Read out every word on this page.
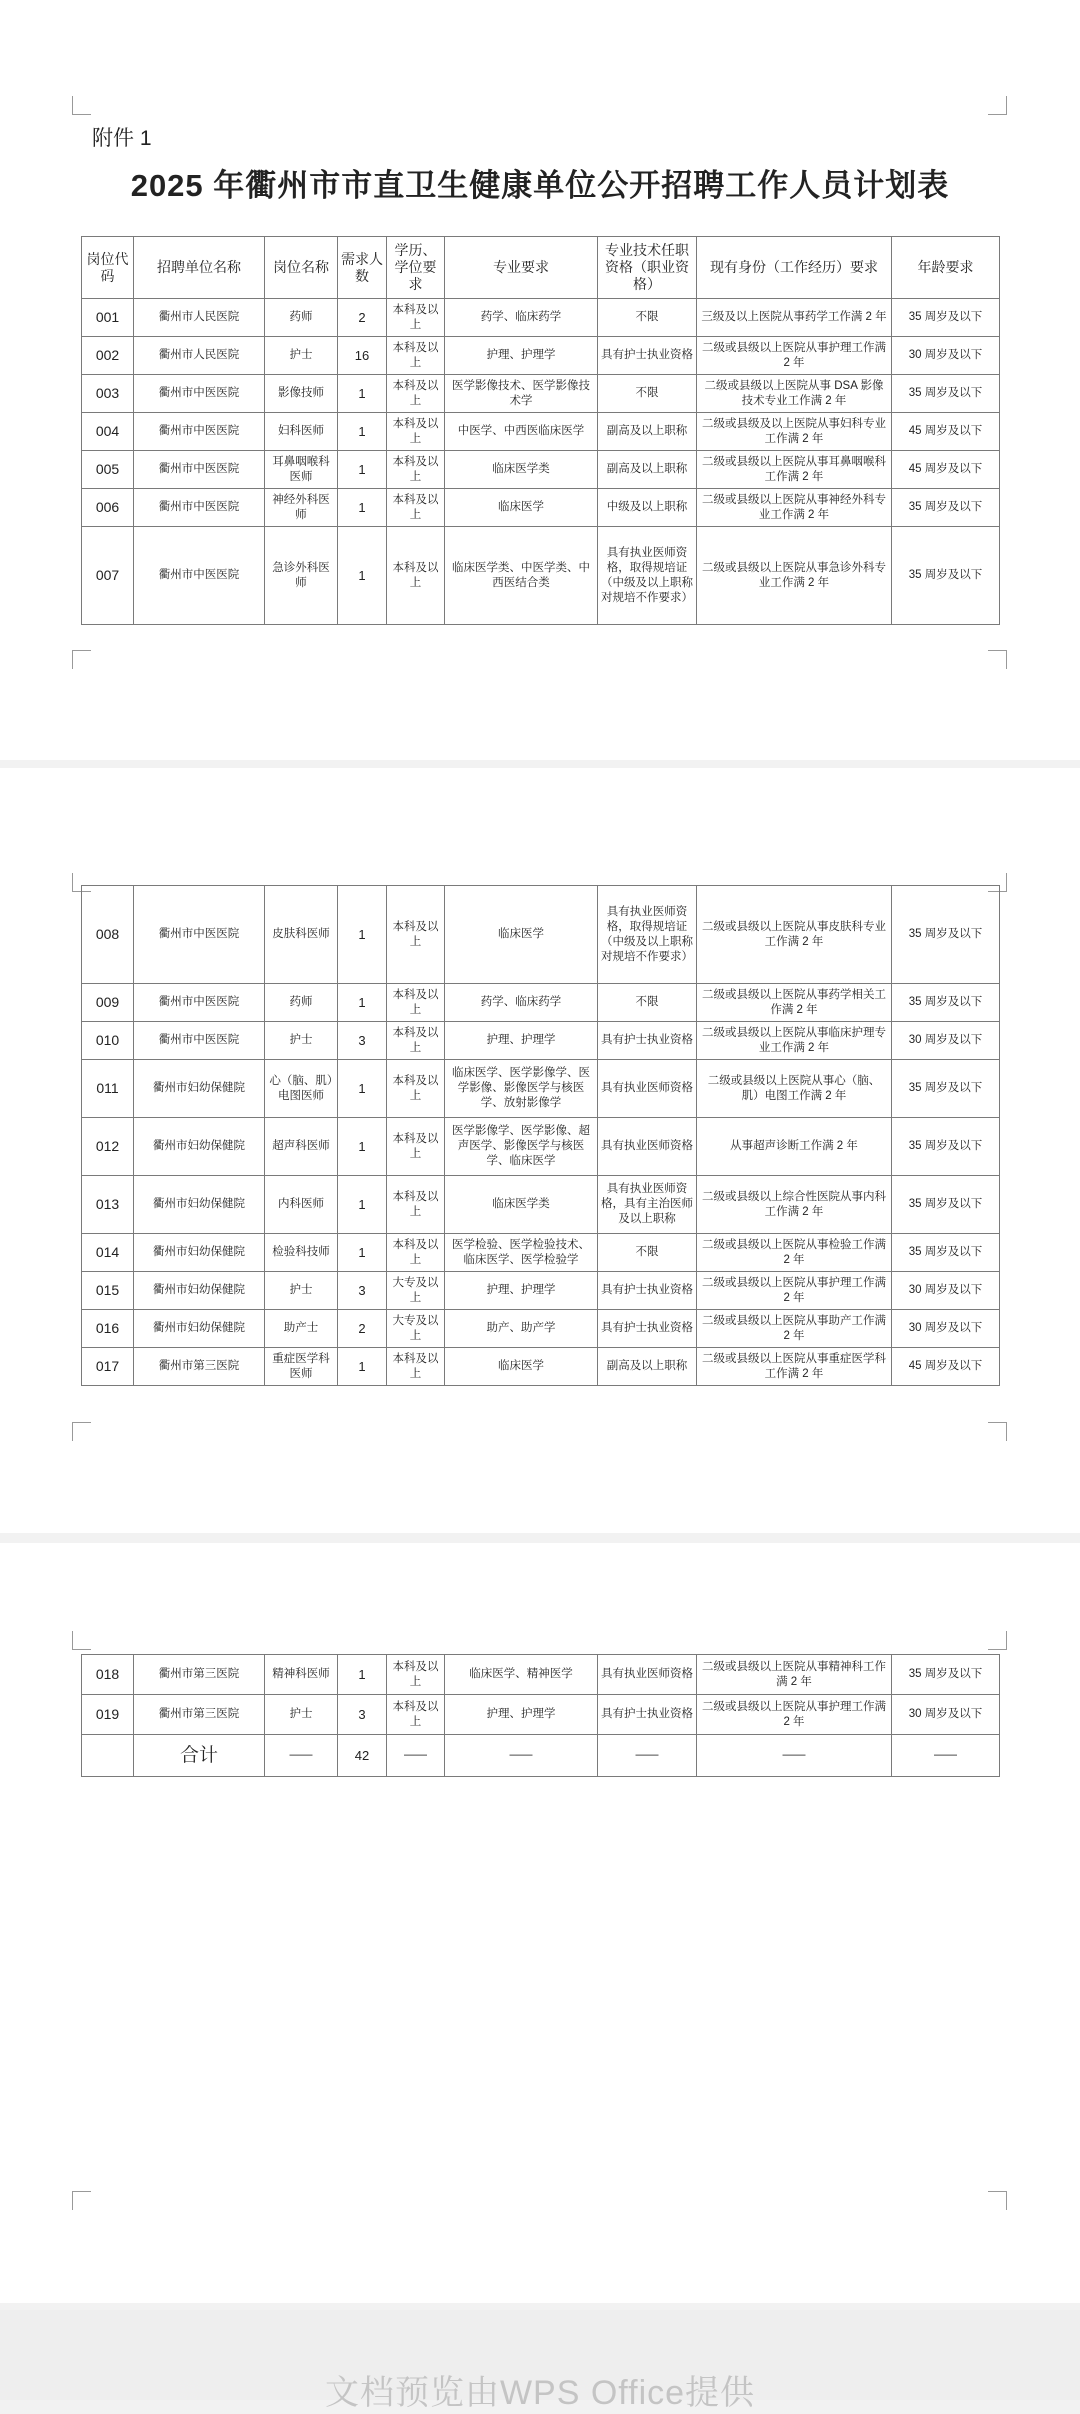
附件 1
2025 年衢州市市直卫生健康单位公开招聘工作人员计划表
岗位代码	招聘单位名称	岗位名称	需求人数	学历、学位要求	专业要求	专业技术任职资格（职业资格）	现有身份（工作经历）要求	年龄要求
001	衢州市人民医院	药师	2	本科及以上	药学、临床药学	不限	三级及以上医院从事药学工作满 2 年	35 周岁及以下
002	衢州市人民医院	护士	16	本科及以上	护理、护理学	具有护士执业资格	二级或县级以上医院从事护理工作满 2 年	30 周岁及以下
003	衢州市中医医院	影像技师	1	本科及以上	医学影像技术、医学影像技术学	不限	二级或县级以上医院从事 DSA 影像技术专业工作满 2 年	35 周岁及以下
004	衢州市中医医院	妇科医师	1	本科及以上	中医学、中西医临床医学	副高及以上职称	二级或县级及以上医院从事妇科专业工作满 2 年	45 周岁及以下
005	衢州市中医医院	耳鼻咽喉科医师	1	本科及以上	临床医学类	副高及以上职称	二级或县级以上医院从事耳鼻咽喉科工作满 2 年	45 周岁及以下
006	衢州市中医医院	神经外科医师	1	本科及以上	临床医学	中级及以上职称	二级或县级以上医院从事神经外科专业工作满 2 年	35 周岁及以下
007	衢州市中医医院	急诊外科医师	1	本科及以上	临床医学类、中医学类、中西医结合类	具有执业医师资格，取得规培证（中级及以上职称对规培不作要求）	二级或县级以上医院从事急诊外科专业工作满 2 年	35 周岁及以下
008	衢州市中医医院	皮肤科医师	1	本科及以上	临床医学	具有执业医师资格，取得规培证（中级及以上职称对规培不作要求）	二级或县级以上医院从事皮肤科专业工作满 2 年	35 周岁及以下
009	衢州市中医医院	药师	1	本科及以上	药学、临床药学	不限	二级或县级以上医院从事药学相关工作满 2 年	35 周岁及以下
010	衢州市中医医院	护士	3	本科及以上	护理、护理学	具有护士执业资格	二级或县级以上医院从事临床护理专业工作满 2 年	30 周岁及以下
011	衢州市妇幼保健院	心（脑、肌）电图医师	1	本科及以上	临床医学、医学影像学、医学影像、影像医学与核医学、放射影像学	具有执业医师资格	二级或县级以上医院从事心（脑、肌）电图工作满 2 年	35 周岁及以下
012	衢州市妇幼保健院	超声科医师	1	本科及以上	医学影像学、医学影像、超声医学、影像医学与核医学、临床医学	具有执业医师资格	从事超声诊断工作满 2 年	35 周岁及以下
013	衢州市妇幼保健院	内科医师	1	本科及以上	临床医学类	具有执业医师资格，具有主治医师及以上职称	二级或县级以上综合性医院从事内科工作满 2 年	35 周岁及以下
014	衢州市妇幼保健院	检验科技师	1	本科及以上	医学检验、医学检验技术、临床医学、医学检验学	不限	二级或县级以上医院从事检验工作满 2 年	35 周岁及以下
015	衢州市妇幼保健院	护士	3	大专及以上	护理、护理学	具有护士执业资格	二级或县级以上医院从事护理工作满 2 年	30 周岁及以下
016	衢州市妇幼保健院	助产士	2	大专及以上	助产、助产学	具有护士执业资格	二级或县级以上医院从事助产工作满 2 年	30 周岁及以下
017	衢州市第三医院	重症医学科医师	1	本科及以上	临床医学	副高及以上职称	二级或县级以上医院从事重症医学科工作满 2 年	45 周岁及以下
018	衢州市第三医院	精神科医师	1	本科及以上	临床医学、精神医学	具有执业医师资格	二级或县级以上医院从事精神科工作满 2 年	35 周岁及以下
019	衢州市第三医院	护士	3	本科及以上	护理、护理学	具有护士执业资格	二级或县级以上医院从事护理工作满 2 年	30 周岁及以下
	合计	——	42	——	——	——	——	——
文档预览由WPS Office提供
